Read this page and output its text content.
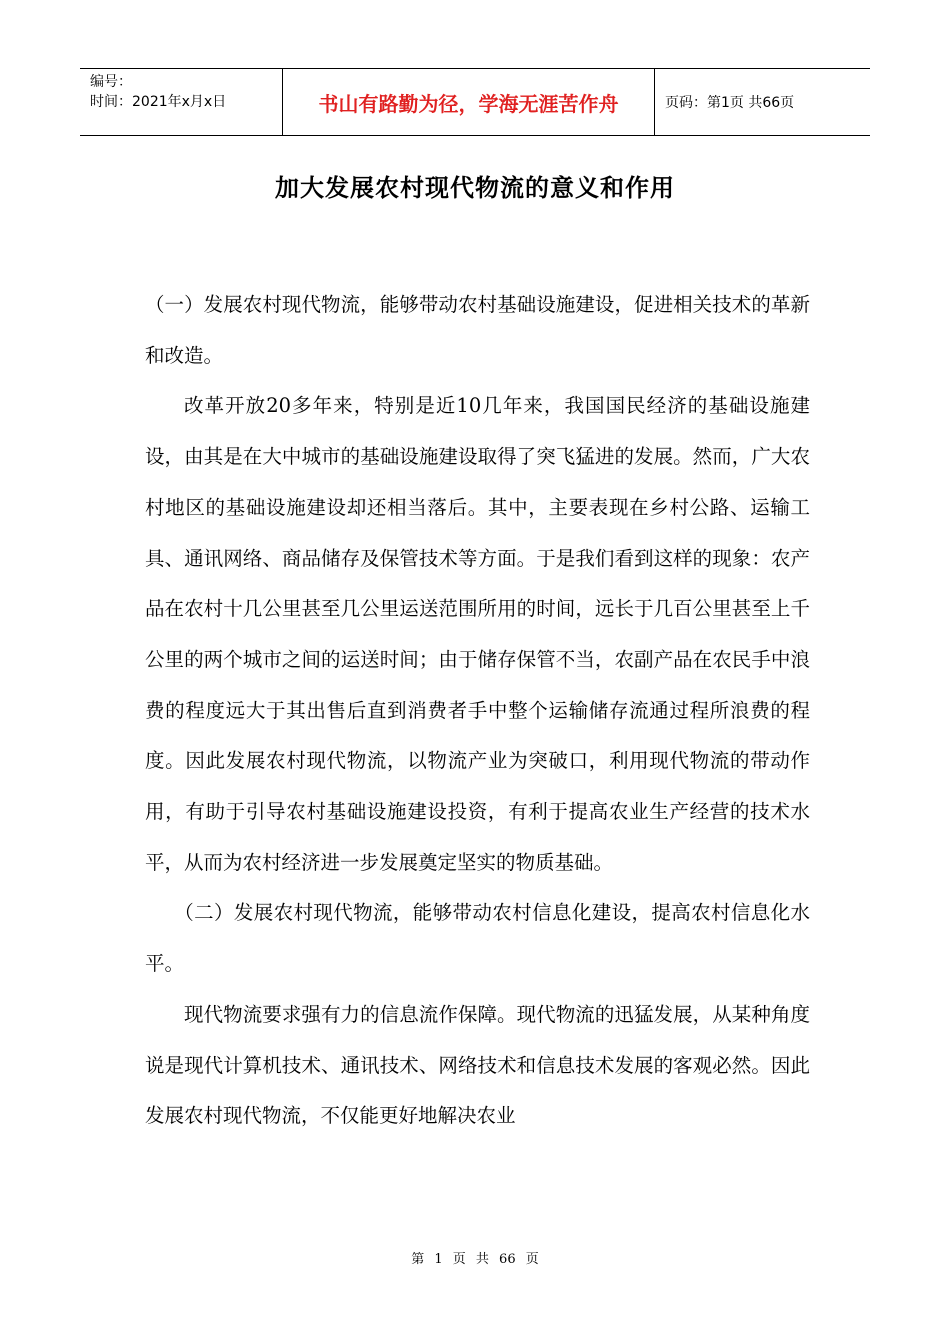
编号：
时间：2021年x月x日	书山有路勤为径，学海无涯苦作舟	页码：第1页 共66页
加大发展农村现代物流的意义和作用

（一）发展农村现代物流，能够带动农村基础设施建设，促进相关技术的革新和改造。

改革开放20多年来，特别是近10几年来，我国国民经济的基础设施建设，由其是在大中城市的基础设施建设取得了突飞猛进的发展。然而，广大农村地区的基础设施建设却还相当落后。其中，主要表现在乡村公路、运输工具、通讯网络、商品储存及保管技术等方面。于是我们看到这样的现象：农产品在农村十几公里甚至几公里运送范围所用的时间，远长于几百公里甚至上千公里的两个城市之间的运送时间；由于储存保管不当，农副产品在农民手中浪费的程度远大于其出售后直到消费者手中整个运输储存流通过程所浪费的程度。因此发展农村现代物流，以物流产业为突破口，利用现代物流的带动作用，有助于引导农村基础设施建设投资，有利于提高农业生产经营的技术水平，从而为农村经济进一步发展奠定坚实的物质基础。

（二）发展农村现代物流，能够带动农村信息化建设，提高农村信息化水平。

现代物流要求强有力的信息流作保障。现代物流的迅猛发展，从某种角度说是现代计算机技术、通讯技术、网络技术和信息技术发展的客观必然。因此发展农村现代物流，不仅能更好地解决农业

第 1 页 共 66 页
